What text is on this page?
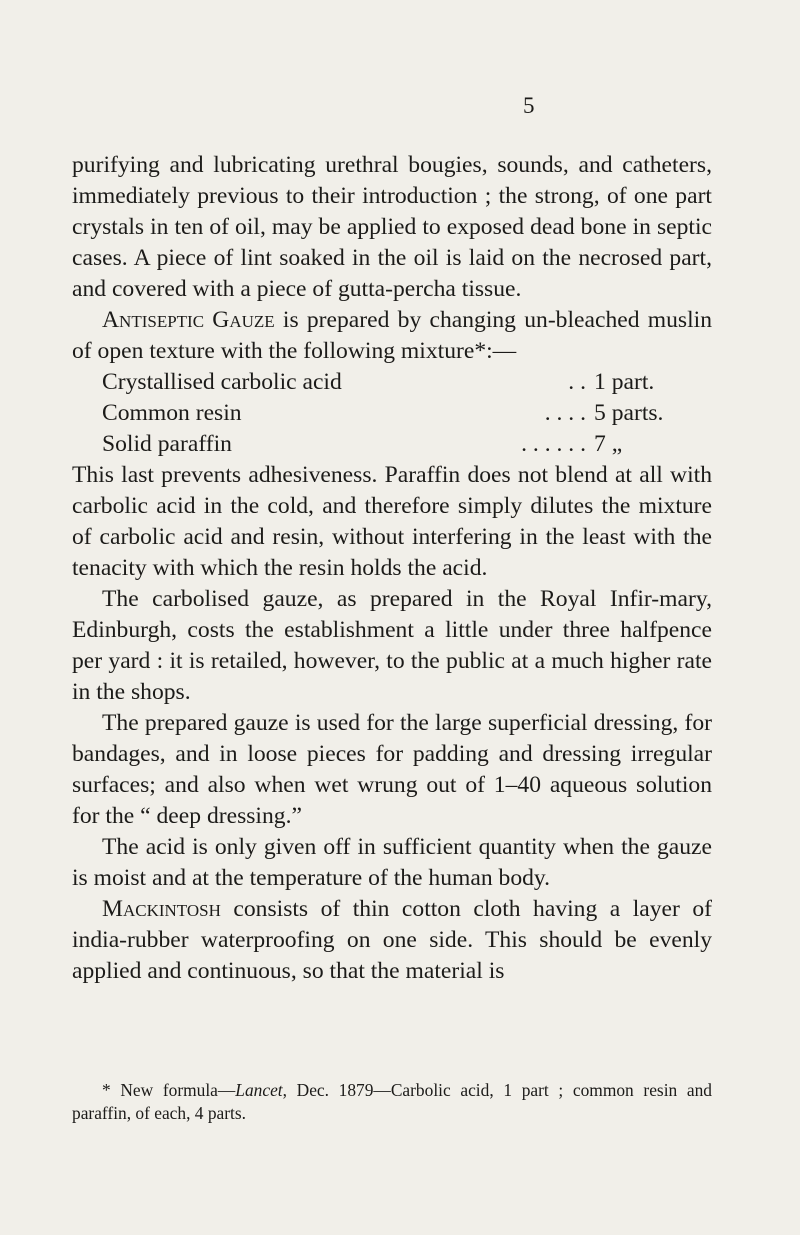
5

purifying and lubricating urethral bougies, sounds, and catheters, immediately previous to their introduction ; the strong, of one part crystals in ten of oil, may be applied to exposed dead bone in septic cases. A piece of lint soaked in the oil is laid on the necrosed part, and covered with a piece of gutta-percha tissue.

Antiseptic Gauze is prepared by changing un-bleached muslin of open texture with the following mixture*:—

Crystallised carbolic acid	. . 1 part.
Common resin	. . . . 5 parts.
Solid paraffin	. . . . . . 7 „

This last prevents adhesiveness. Paraffin does not blend at all with carbolic acid in the cold, and therefore simply dilutes the mixture of carbolic acid and resin, without interfering in the least with the tenacity with which the resin holds the acid.

The carbolised gauze, as prepared in the Royal Infir-mary, Edinburgh, costs the establishment a little under three halfpence per yard : it is retailed, however, to the public at a much higher rate in the shops.

The prepared gauze is used for the large superficial dressing, for bandages, and in loose pieces for padding and dressing irregular surfaces; and also when wet wrung out of 1–40 aqueous solution for the “ deep dressing.”

The acid is only given off in sufficient quantity when the gauze is moist and at the temperature of the human body.

Mackintosh consists of thin cotton cloth having a layer of india-rubber waterproofing on one side. This should be evenly applied and continuous, so that the material is

* New formula—Lancet, Dec. 1879—Carbolic acid, 1 part ; common resin and paraffin, of each, 4 parts.
